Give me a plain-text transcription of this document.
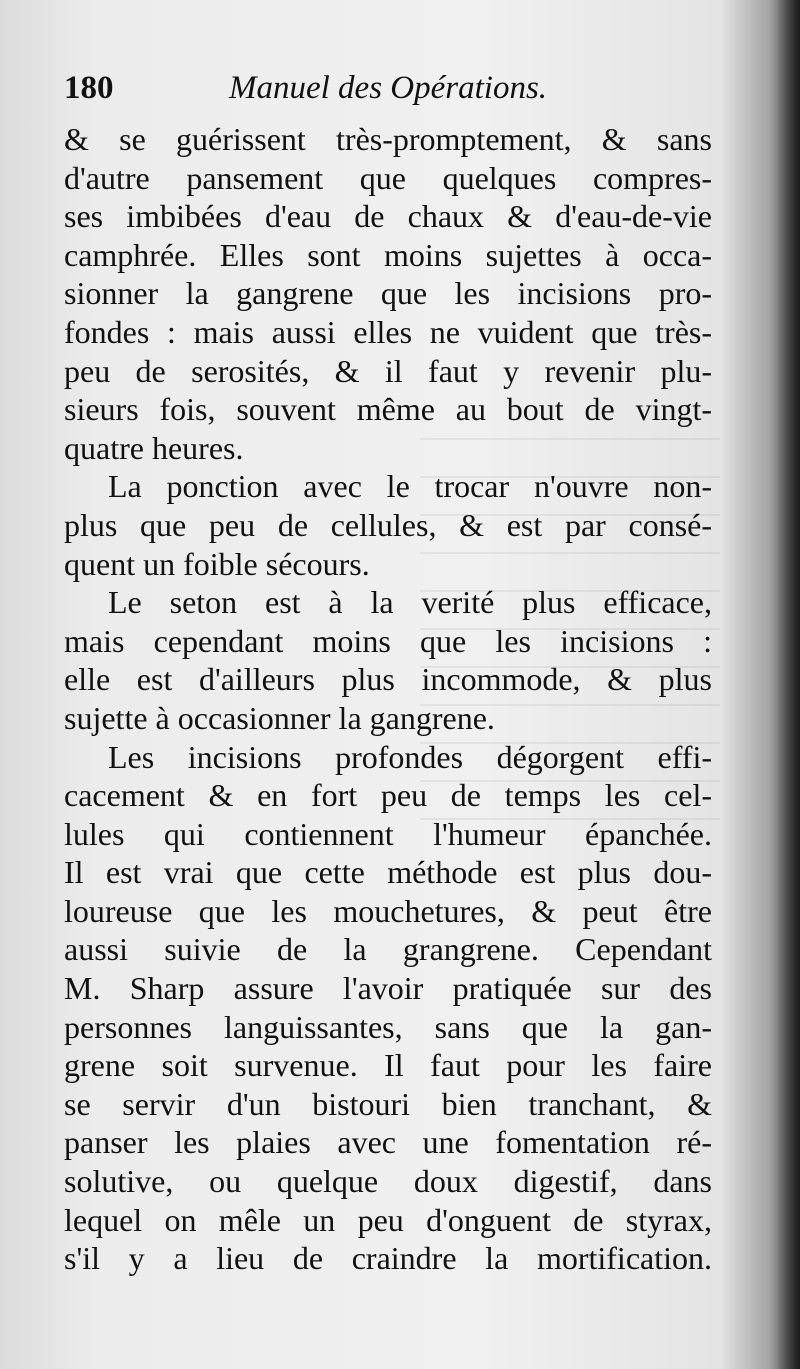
180	Manuel des Opérations.
& se guérissent très-promptement, & sans
d'autre pansement que quelques compres-
ses imbibées d'eau de chaux & d'eau-de-vie
camphrée. Elles sont moins sujettes à occa-
sionner la gangrene que les incisions pro-
fondes : mais aussi elles ne vuident que très-
peu de serosités, & il faut y revenir plu-
sieurs fois, souvent même au bout de vingt-
quatre heures.
La ponction avec le trocar n'ouvre non-
plus que peu de cellules, & est par consé-
quent un foible sécours.
Le seton est à la verité plus efficace,
mais cependant moins que les incisions :
elle est d'ailleurs plus incommode, & plus
sujette à occasionner la gangrene.
Les incisions profondes dégorgent effi-
cacement & en fort peu de temps les cel-
lules qui contiennent l'humeur épanchée.
Il est vrai que cette méthode est plus dou-
loureuse que les mouchetures, & peut être
aussi suivie de la grangrene. Cependant
M. Sharp assure l'avoir pratiquée sur des
personnes languissantes, sans que la gan-
grene soit survenue. Il faut pour les faire
se servir d'un bistouri bien tranchant, &
panser les plaies avec une fomentation ré-
solutive, ou quelque doux digestif, dans
lequel on mêle un peu d'onguent de styrax,
s'il y a lieu de craindre la mortification.
